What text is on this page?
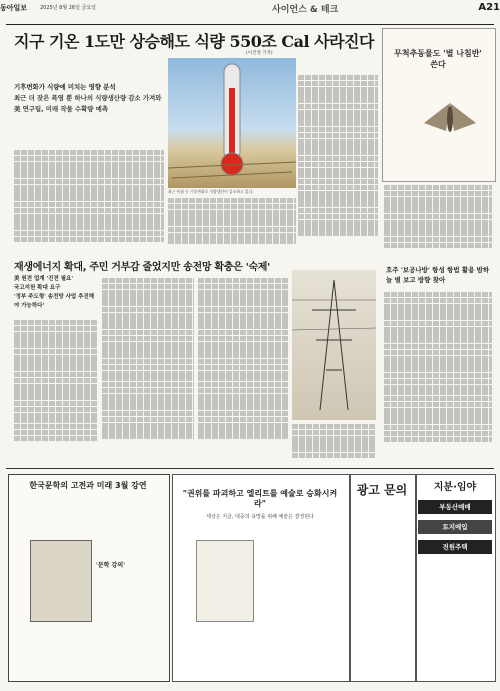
동아일보	2025년 8월 26일 금요일	사이언스 & 테크	A21
지구 기온 1도만 상승해도 식량 550조 Cal 사라진다
(이진영 기자)
기후변화가 식량에 미치는 영향 분석
최근 더 잦은 폭염 뿐 하나의 식량생산량 감소 가져와
美 연구팀, 미래 작물 수확량 예측
최근 폭염 등 기후변화로 식량생산이 감소하고 있다.
무척추동물도 '별 나침반' 쓴다
호주 '보공나방' 항성 항법 활용 밤하늘 별 보고 방향 찾아
재생에너지 확대, 주민 거부감 줄었지만 송전망 확충은 '숙제'
美 원전 업계 '진전 필요'
국고지원 확대 요구
'정부 주도형' 송전망 사업 추진해야 가능하다'
한국문학의 고전과 미래 3월 강연
'문학 강의'
"권위를 파괴하고 엘리트를 예술로 승화시켜라"
세상은 지금, 대중의 욕망을 위해 예술은 결정된다
광고 문의	지분·임야
부동산매매
토지매입
전원주택
